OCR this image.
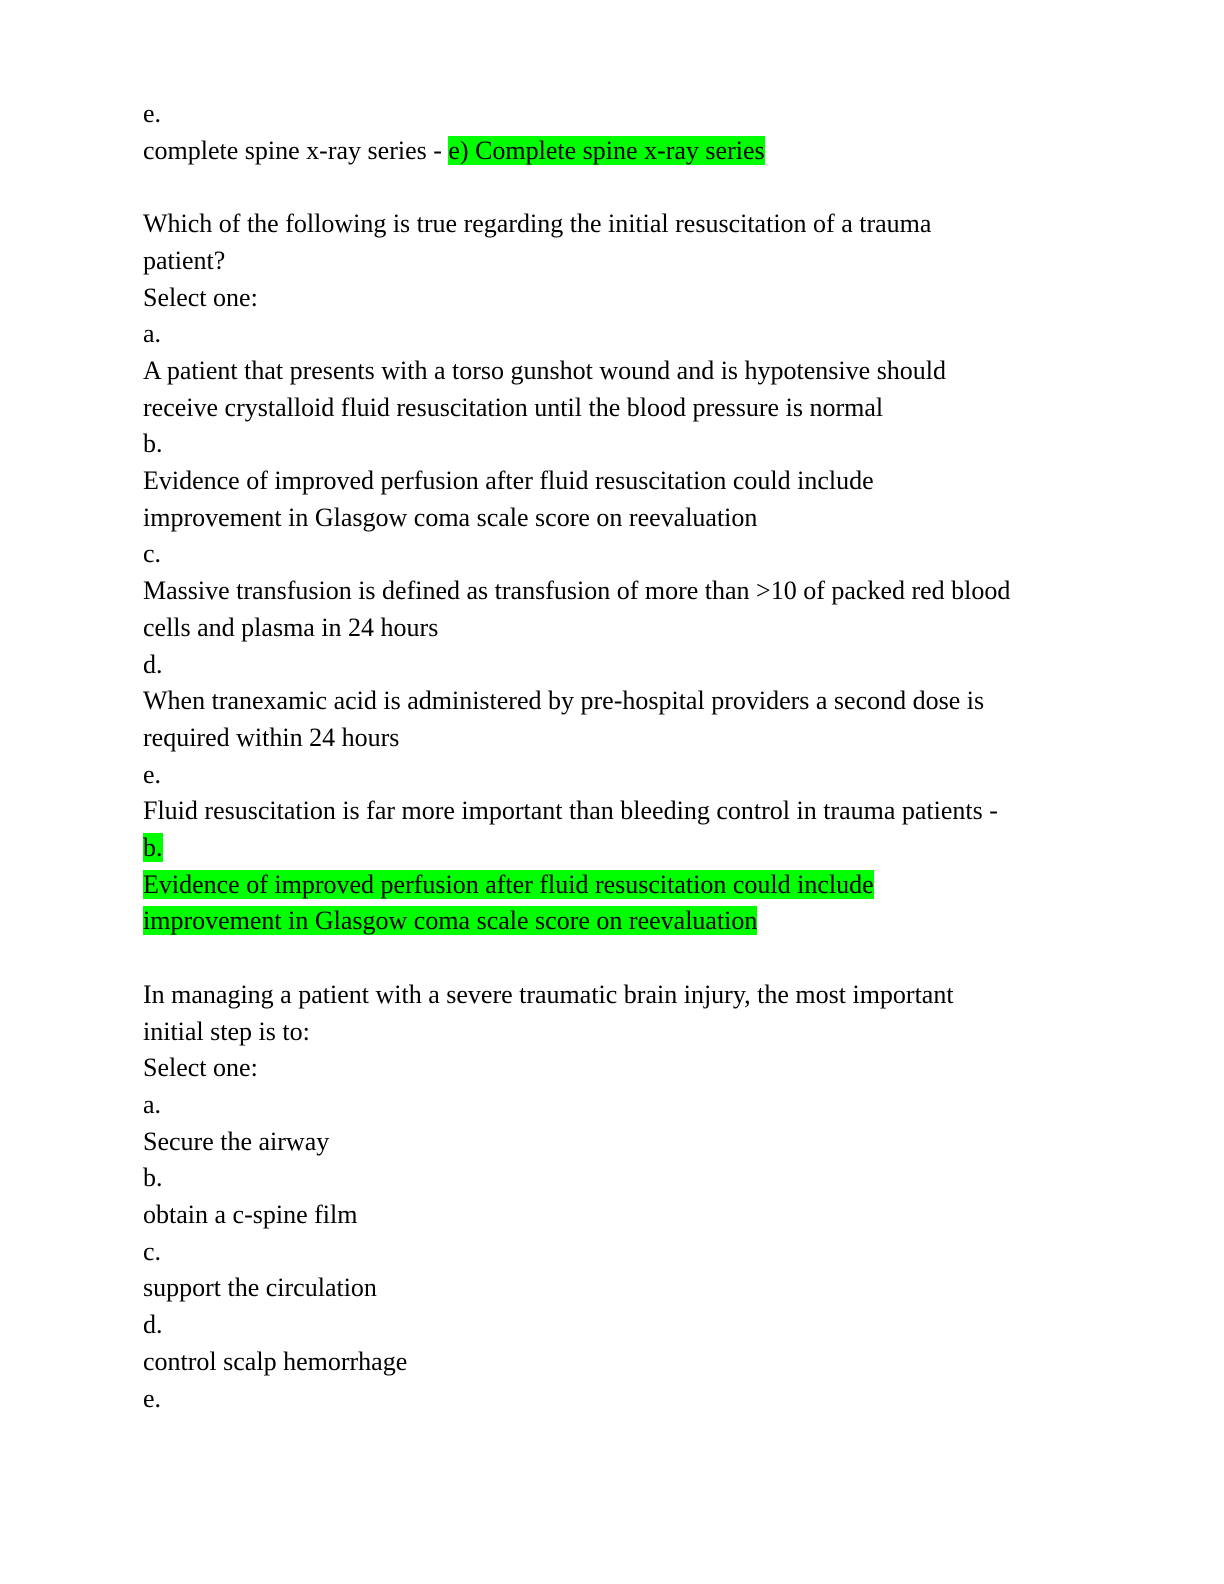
e.
complete spine x-ray series - e) Complete spine x-ray series
Which of the following is true regarding the initial resuscitation of a trauma
patient?
Select one:
a.
A patient that presents with a torso gunshot wound and is hypotensive should
receive crystalloid fluid resuscitation until the blood pressure is normal
b.
Evidence of improved perfusion after fluid resuscitation could include
improvement in Glasgow coma scale score on reevaluation
c.
Massive transfusion is defined as transfusion of more than >10 of packed red blood
cells and plasma in 24 hours
d.
When tranexamic acid is administered by pre-hospital providers a second dose is
required within 24 hours
e.
Fluid resuscitation is far more important than bleeding control in trauma patients -
b.
Evidence of improved perfusion after fluid resuscitation could include
improvement in Glasgow coma scale score on reevaluation
In managing a patient with a severe traumatic brain injury, the most important
initial step is to:
Select one:
a.
Secure the airway
b.
obtain a c-spine film
c.
support the circulation
d.
control scalp hemorrhage
e.
